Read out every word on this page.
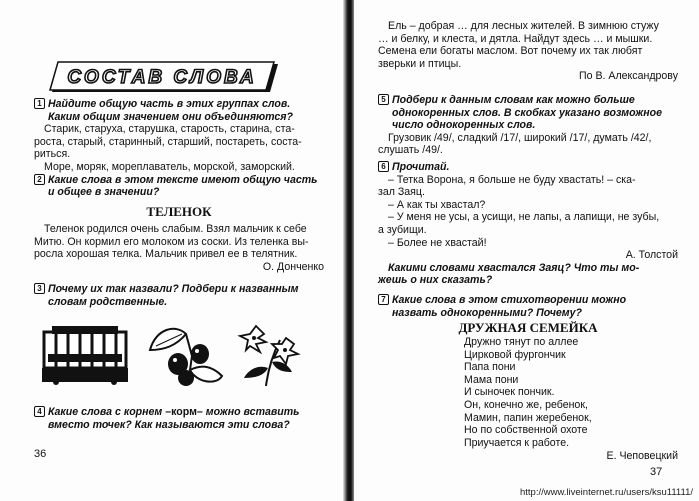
СОСТАВ СЛОВА

1 Найдите общую часть в этих группах слов.

Каким общим значением они объединяются?

Старик, старуха, старушка, старость, старина, ста-

роста, старый, старинный, старший, постареть, соста-

риться.

Море, моряк, мореплаватель, морской, заморский.

2 Какие слова в этом тексте имеют общую часть

и общее в значении?

ТЕЛЕНОК

Теленок родился очень слабым. Взял мальчик к себе

Митю. Он кормил его молоком из соски. Из теленка вы-

росла хорошая телка. Мальчик привел ее в телятник.

О. Донченко

3 Почему их так назвали? Подбери к названным

словам родственные.

4 Какие слова с корнем –корм– можно вставить

вместо точек? Как называются эти слова?

36

Ель – добрая … для лесных жителей. В зимнюю стужу

… и белку, и клеста, и дятла. Найдут здесь … и мышки.

Семена ели богаты маслом. Вот почему их так любят

зверьки и птицы.

По В. Александрову

5 Подбери к данным словам как можно больше

однокоренных слов. В скобках указано возможное

число однокоренных слов.

Грузовик /49/, сладкий /17/, широкий /17/, думать /42/,

слушать /49/.

6 Прочитай.

– Тетка Ворона, я больше не буду хвастать! – ска-

зал Заяц.

– А как ты хвастал?

– У меня не усы, а усищи, не лапы, а лапищи, не зубы,

а зубищи.

– Более не хвастай!

А. Толстой

Какими словами хвастался Заяц? Что ты мо-

жешь о них сказать?

7 Какие слова в этом стихотворении можно

назвать однокоренными? Почему?

ДРУЖНАЯ СЕМЕЙКА

Дружно тянут по аллее

Цирковой фургончик

Папа пони

Мама пони

И сыночек пончик.

Он, конечно же, ребенок,

Мамин, папин жеребенок,

Но по собственной охоте

Приучается к работе.

Е. Чеповецкий
37
http://www.liveinternet.ru/users/ksu11111/
